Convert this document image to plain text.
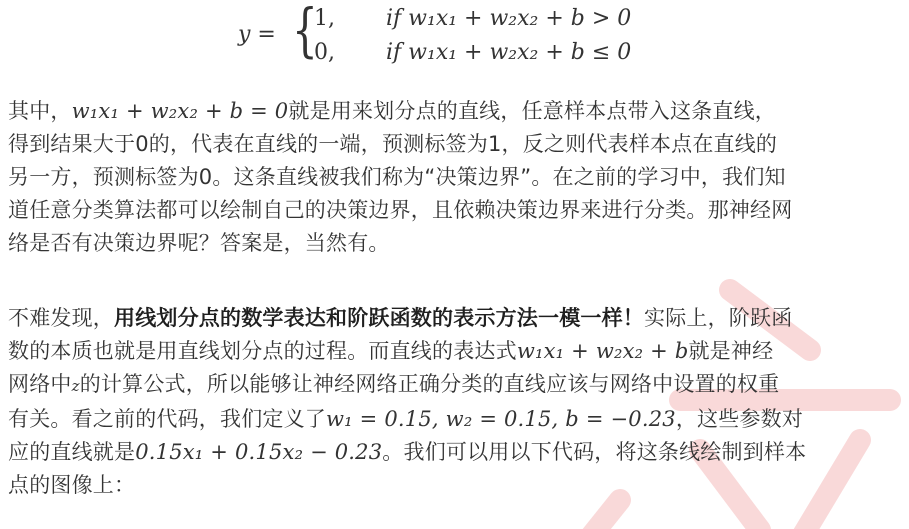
y = {
1, if w₁x₁ + w₂x₂ + b > 0
0, if w₁x₁ + w₂x₂ + b ≤ 0
其中，w₁x₁ + w₂x₂ + b = 0就是用来划分点的直线，任意样本点带入这条直线，
得到结果大于0的，代表在直线的一端，预测标签为1，反之则代表样本点在直线的
另一方，预测标签为0。这条直线被我们称为“决策边界”。在之前的学习中，我们知
道任意分类算法都可以绘制自己的决策边界，且依赖决策边界来进行分类。那神经网
络是否有决策边界呢？答案是，当然有。
不难发现，用线划分点的数学表达和阶跃函数的表示方法一模一样！实际上，阶跃函
数的本质也就是用直线划分点的过程。而直线的表达式w₁x₁ + w₂x₂ + b就是神经
网络中z的计算公式，所以能够让神经网络正确分类的直线应该与网络中设置的权重
有关。看之前的代码，我们定义了w₁ = 0.15, w₂ = 0.15, b = −0.23，这些参数对
应的直线就是0.15x₁ + 0.15x₂ − 0.23。我们可以用以下代码，将这条线绘制到样本
点的图像上：
